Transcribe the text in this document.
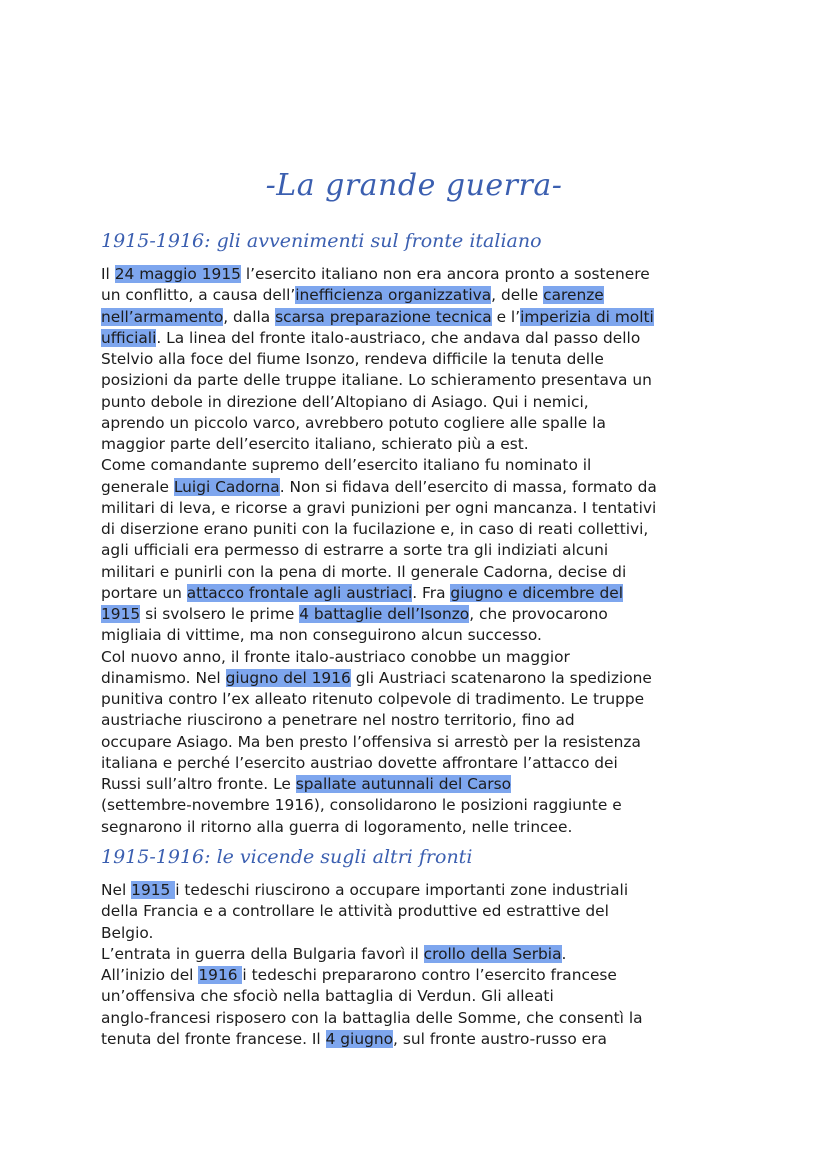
-La grande guerra-
1915-1916: gli avvenimenti sul fronte italiano
Il 24 maggio 1915 l’esercito italiano non era ancora pronto a sostenere
un conflitto, a causa dell’inefficienza organizzativa, delle carenze
nell’armamento, dalla scarsa preparazione tecnica e l’imperizia di molti
ufficiali. La linea del fronte italo-austriaco, che andava dal passo dello
Stelvio alla foce del fiume Isonzo, rendeva difficile la tenuta delle
posizioni da parte delle truppe italiane. Lo schieramento presentava un
punto debole in direzione dell’Altopiano di Asiago. Qui i nemici,
aprendo un piccolo varco, avrebbero potuto cogliere alle spalle la
maggior parte dell’esercito italiano, schierato più a est.
Come comandante supremo dell’esercito italiano fu nominato il
generale Luigi Cadorna. Non si fidava dell’esercito di massa, formato da
militari di leva, e ricorse a gravi punizioni per ogni mancanza. I tentativi
di diserzione erano puniti con la fucilazione e, in caso di reati collettivi,
agli ufficiali era permesso di estrarre a sorte tra gli indiziati alcuni
militari e punirli con la pena di morte. Il generale Cadorna, decise di
portare un attacco frontale agli austriaci. Fra giugno e dicembre del
1915 si svolsero le prime 4 battaglie dell’Isonzo, che provocarono
migliaia di vittime, ma non conseguirono alcun successo.
Col nuovo anno, il fronte italo-austriaco conobbe un maggior
dinamismo. Nel giugno del 1916 gli Austriaci scatenarono la spedizione
punitiva contro l’ex alleato ritenuto colpevole di tradimento. Le truppe
austriache riuscirono a penetrare nel nostro territorio, fino ad
occupare Asiago. Ma ben presto l’offensiva si arrestò per la resistenza
italiana e perché l’esercito austriao dovette affrontare l’attacco dei
Russi sull’altro fronte. Le spallate autunnali del Carso
(settembre-novembre 1916), consolidarono le posizioni raggiunte e
segnarono il ritorno alla guerra di logoramento, nelle trincee.
1915-1916: le vicende sugli altri fronti
Nel 1915 i tedeschi riuscirono a occupare importanti zone industriali
della Francia e a controllare le attività produttive ed estrattive del
Belgio.
L’entrata in guerra della Bulgaria favorì il crollo della Serbia.
All’inizio del 1916 i tedeschi prepararono contro l’esercito francese
un’offensiva che sfociò nella battaglia di Verdun. Gli alleati
anglo-francesi risposero con la battaglia delle Somme, che consentì la
tenuta del fronte francese. Il 4 giugno, sul fronte austro-russo era
